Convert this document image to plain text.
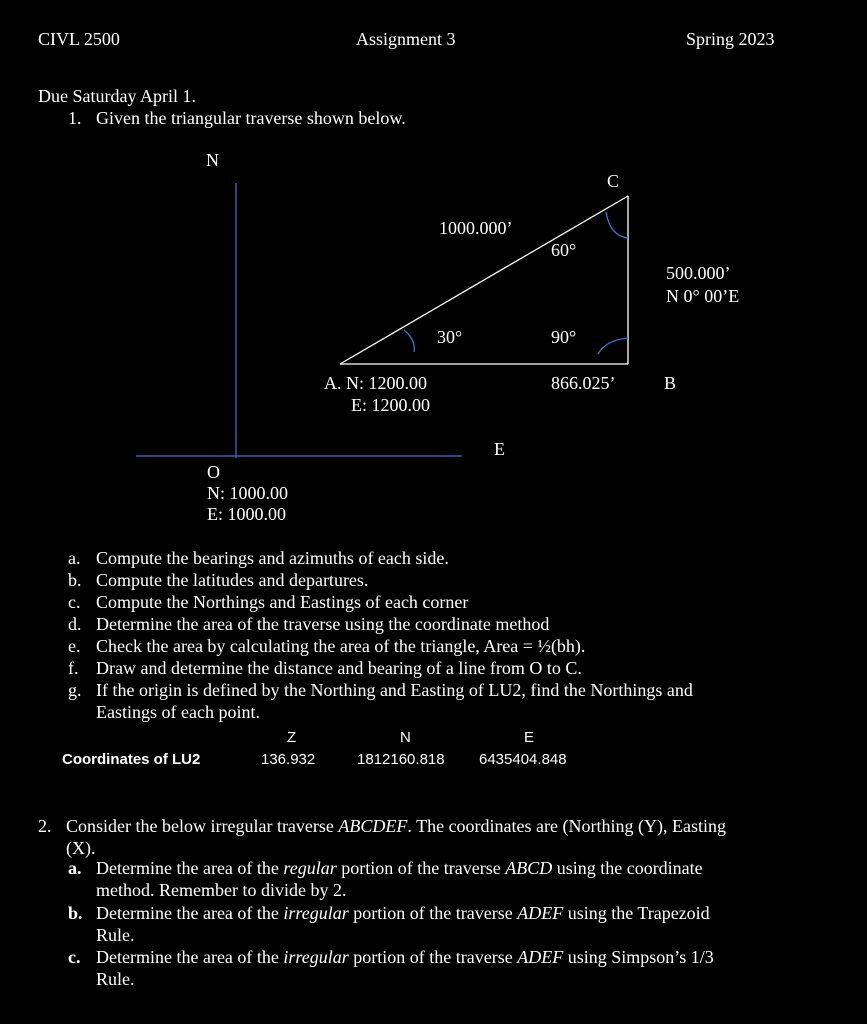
CIVL 2500	Assignment 3	Spring 2023
Due Saturday April 1.
1. Given the triangular traverse shown below.
N
C
1000.000’
60°
500.000’
N 0° 00’E
30°	90°
A. N: 1200.00
E: 1200.00
866.025’	B
E
O
N: 1000.00
E: 1000.00
a. Compute the bearings and azimuths of each side.
b. Compute the latitudes and departures.
c. Compute the Northings and Eastings of each corner
d. Determine the area of the traverse using the coordinate method
e. Check the area by calculating the area of the triangle, Area = ½(bh).
f. Draw and determine the distance and bearing of a line from O to C.
g. If the origin is defined by the Northing and Easting of LU2, find the Northings and Eastings of each point.
Z	N	E
Coordinates of LU2	136.932	1812160.818 6435404.848
2. Consider the below irregular traverse ABCDEF. The coordinates are (Northing (Y), Easting
(X).
a. Determine the area of the regular portion of the traverse ABCD using the coordinate
method. Remember to divide by 2.
b. Determine the area of the irregular portion of the traverse ADEF using the Trapezoid
Rule.
c. Determine the area of the irregular portion of the traverse ADEF using Simpson’s 1/3
Rule.
